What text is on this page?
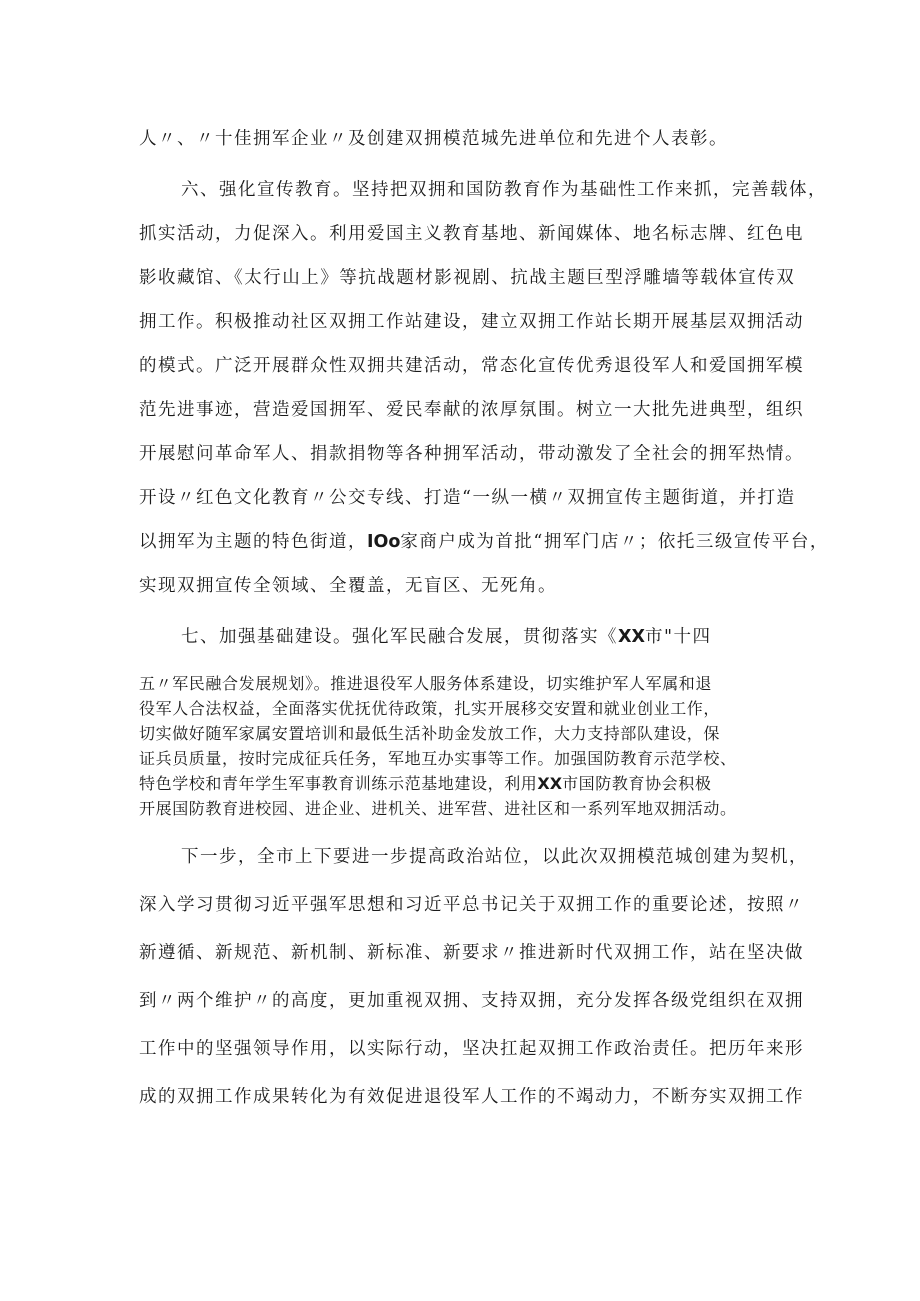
人〃、〃十佳拥军企业〃及创建双拥模范城先进单位和先进个人表彰。
六、强化宣传教育。坚持把双拥和国防教育作为基础性工作来抓，完善载体，
抓实活动，力促深入。利用爱国主义教育基地、新闻媒体、地名标志牌、红色电
影收藏馆、《太行山上》等抗战题材影视剧、抗战主题巨型浮雕墙等载体宣传双
拥工作。积极推动社区双拥工作站建设，建立双拥工作站长期开展基层双拥活动
的模式。广泛开展群众性双拥共建活动，常态化宣传优秀退役军人和爱国拥军模
范先进事迹，营造爱国拥军、爱民奉献的浓厚氛围。树立一大批先进典型，组织
开展慰问革命军人、捐款捐物等各种拥军活动，带动激发了全社会的拥军热情。
开设〃红色文化教育〃公交专线、打造“一纵一横〃双拥宣传主题街道，并打造
以拥军为主题的特色街道，IOo家商户成为首批“拥军门店〃；依托三级宣传平台，
实现双拥宣传全领域、全覆盖，无盲区、无死角。
七、加强基础建设。强化军民融合发展，贯彻落实《XX市"十四
五〃军民融合发展规划》。推进退役军人服务体系建设，切实维护军人军属和退
役军人合法权益，全面落实优抚优待政策，扎实开展移交安置和就业创业工作，
切实做好随军家属安置培训和最低生活补助金发放工作，大力支持部队建设，保
证兵员质量，按时完成征兵任务，军地互办实事等工作。加强国防教育示范学校、
特色学校和青年学生军事教育训练示范基地建设，利用XX市国防教育协会积极
开展国防教育进校园、进企业、进机关、进军营、进社区和一系列军地双拥活动。
下一步，全市上下要进一步提高政治站位，以此次双拥模范城创建为契机，
深入学习贯彻习近平强军思想和习近平总书记关于双拥工作的重要论述，按照〃
新遵循、新规范、新机制、新标准、新要求〃推进新时代双拥工作，站在坚决做
到〃两个维护〃的高度，更加重视双拥、支持双拥，充分发挥各级党组织在双拥
工作中的坚强领导作用，以实际行动，坚决扛起双拥工作政治责任。把历年来形
成的双拥工作成果转化为有效促进退役军人工作的不竭动力，不断夯实双拥工作
